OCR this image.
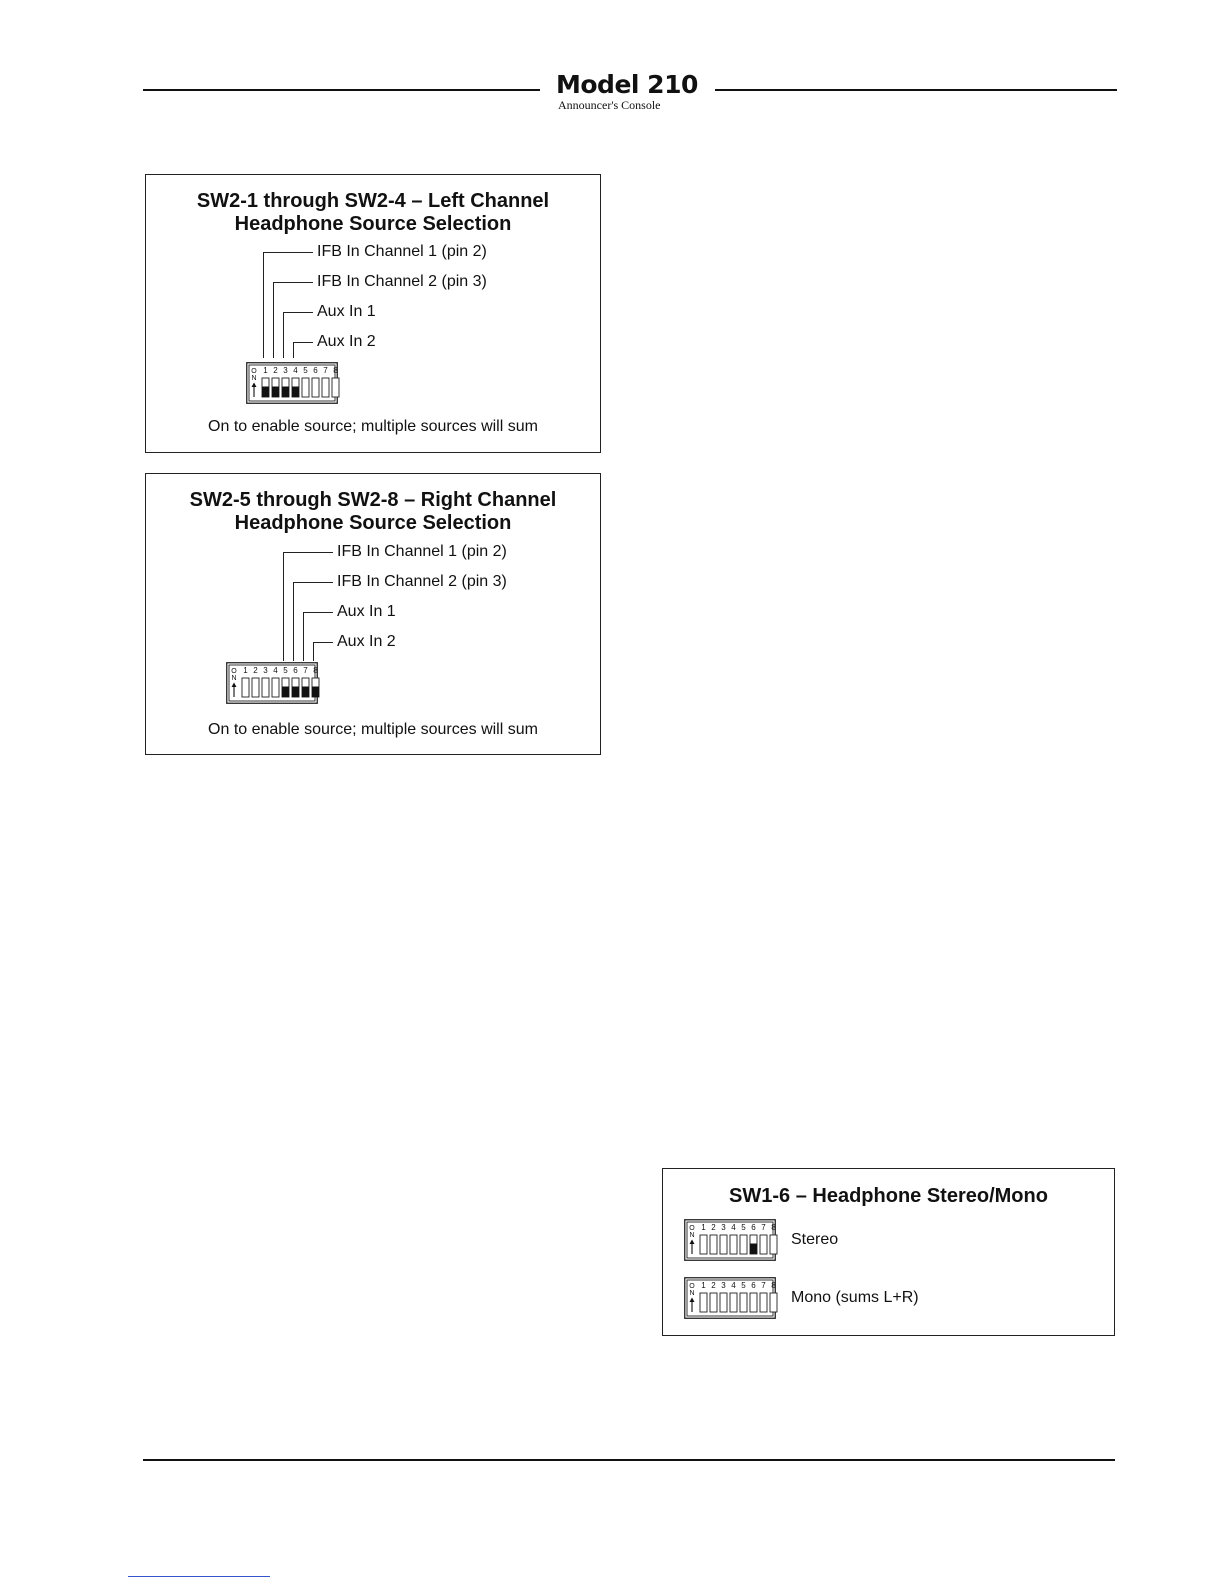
Model 210
Announcer's Console
SW2-1 through SW2-4 – Left Channel
Headphone Source Selection
IFB In Channel 1 (pin 2)
IFB In Channel 2 (pin 3)
Aux In 1
Aux In 2
O
N
1 2 3 4 5 6 7 8
On to enable source; multiple sources will sum
SW2-5 through SW2-8 – Right Channel
Headphone Source Selection
IFB In Channel 1 (pin 2)
IFB In Channel 2 (pin 3)
Aux In 1
Aux In 2
O
N
1 2 3 4 5 6 7 8
On to enable source; multiple sources will sum
SW1-6 – Headphone Stereo/Mono
O
N
1 2 3 4 5 6 7 8
Stereo
O
N
1 2 3 4 5 6 7 8
Mono (sums L+R)
